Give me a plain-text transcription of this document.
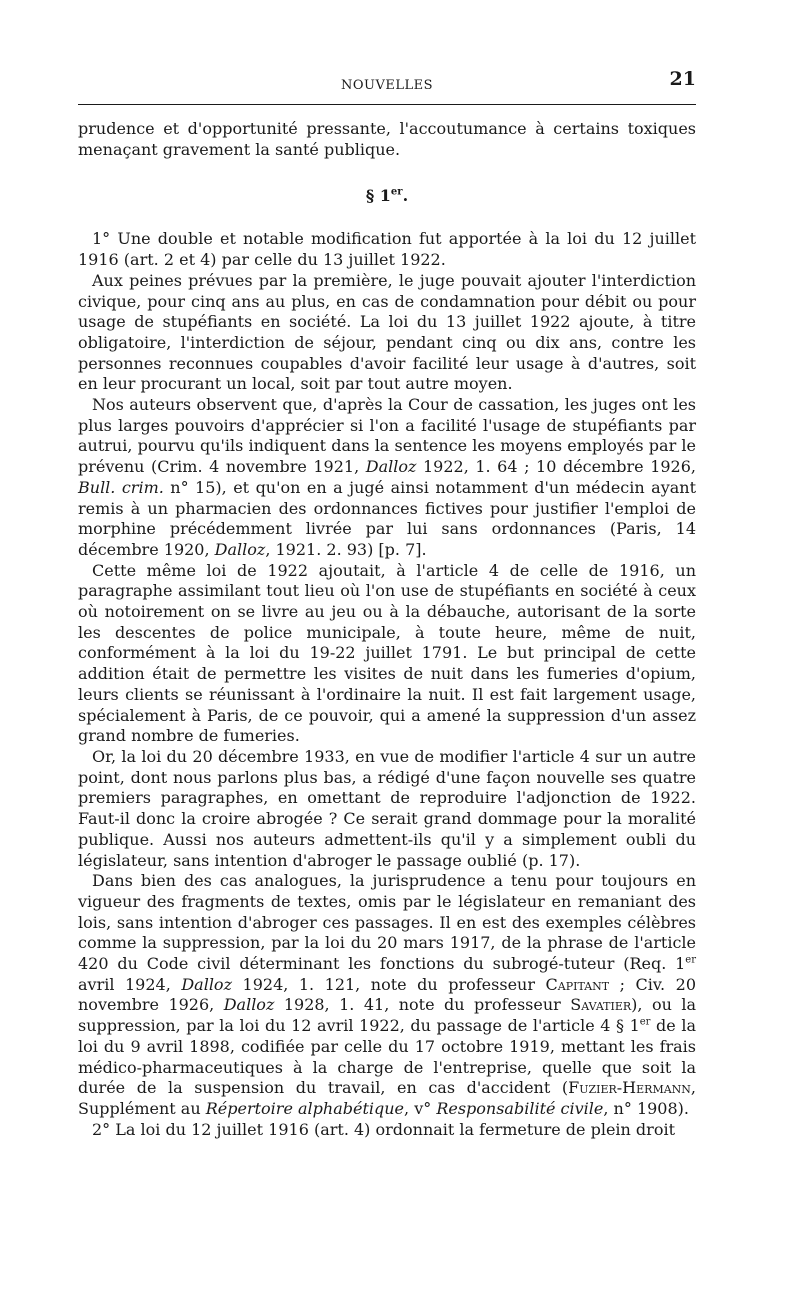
NOUVELLES	21

prudence et d'opportunité pressante, l'accoutumance à certains toxiques menaçant gravement la santé publique.

§ 1er.

1° Une double et notable modification fut apportée à la loi du 12 juillet 1916 (art. 2 et 4) par celle du 13 juillet 1922.

Aux peines prévues par la première, le juge pouvait ajouter l'interdiction civique, pour cinq ans au plus, en cas de condamnation pour débit ou pour usage de stupéfiants en société. La loi du 13 juillet 1922 ajoute, à titre obligatoire, l'interdiction de séjour, pendant cinq ou dix ans, contre les personnes reconnues coupables d'avoir facilité leur usage à d'autres, soit en leur procurant un local, soit par tout autre moyen.

Nos auteurs observent que, d'après la Cour de cassation, les juges ont les plus larges pouvoirs d'apprécier si l'on a facilité l'usage de stupéfiants par autrui, pourvu qu'ils indiquent dans la sentence les moyens employés par le prévenu (Crim. 4 novembre 1921, Dalloz 1922, 1. 64 ; 10 décembre 1926, Bull. crim. n° 15), et qu'on en a jugé ainsi notamment d'un médecin ayant remis à un pharmacien des ordonnances fictives pour justifier l'emploi de morphine précédemment livrée par lui sans ordonnances (Paris, 14 décembre 1920, Dalloz, 1921. 2. 93) [p. 7].

Cette même loi de 1922 ajoutait, à l'article 4 de celle de 1916, un paragraphe assimilant tout lieu où l'on use de stupéfiants en société à ceux où notoirement on se livre au jeu ou à la débauche, autorisant de la sorte les descentes de police municipale, à toute heure, même de nuit, conformément à la loi du 19-22 juillet 1791. Le but principal de cette addition était de permettre les visites de nuit dans les fumeries d'opium, leurs clients se réunissant à l'ordinaire la nuit. Il est fait largement usage, spécialement à Paris, de ce pouvoir, qui a amené la suppression d'un assez grand nombre de fumeries.

Or, la loi du 20 décembre 1933, en vue de modifier l'article 4 sur un autre point, dont nous parlons plus bas, a rédigé d'une façon nouvelle ses quatre premiers paragraphes, en omettant de reproduire l'adjonction de 1922. Faut-il donc la croire abrogée ? Ce serait grand dommage pour la moralité publique. Aussi nos auteurs admettent-ils qu'il y a simplement oubli du législateur, sans intention d'abroger le passage oublié (p. 17).

Dans bien des cas analogues, la jurisprudence a tenu pour toujours en vigueur des fragments de textes, omis par le législateur en remaniant des lois, sans intention d'abroger ces passages. Il en est des exemples célèbres comme la suppression, par la loi du 20 mars 1917, de la phrase de l'article 420 du Code civil déterminant les fonctions du subrogé-tuteur (Req. 1er avril 1924, Dalloz 1924, 1. 121, note du professeur Capitant ; Civ. 20 novembre 1926, Dalloz 1928, 1. 41, note du professeur Savatier), ou la suppression, par la loi du 12 avril 1922, du passage de l'article 4 § 1er de la loi du 9 avril 1898, codifiée par celle du 17 octobre 1919, mettant les frais médico-pharmaceutiques à la charge de l'entreprise, quelle que soit la durée de la suspension du travail, en cas d'accident (Fuzier-Hermann, Supplément au Répertoire alphabétique, v° Responsabilité civile, n° 1908).

2° La loi du 12 juillet 1916 (art. 4) ordonnait la fermeture de plein droit
